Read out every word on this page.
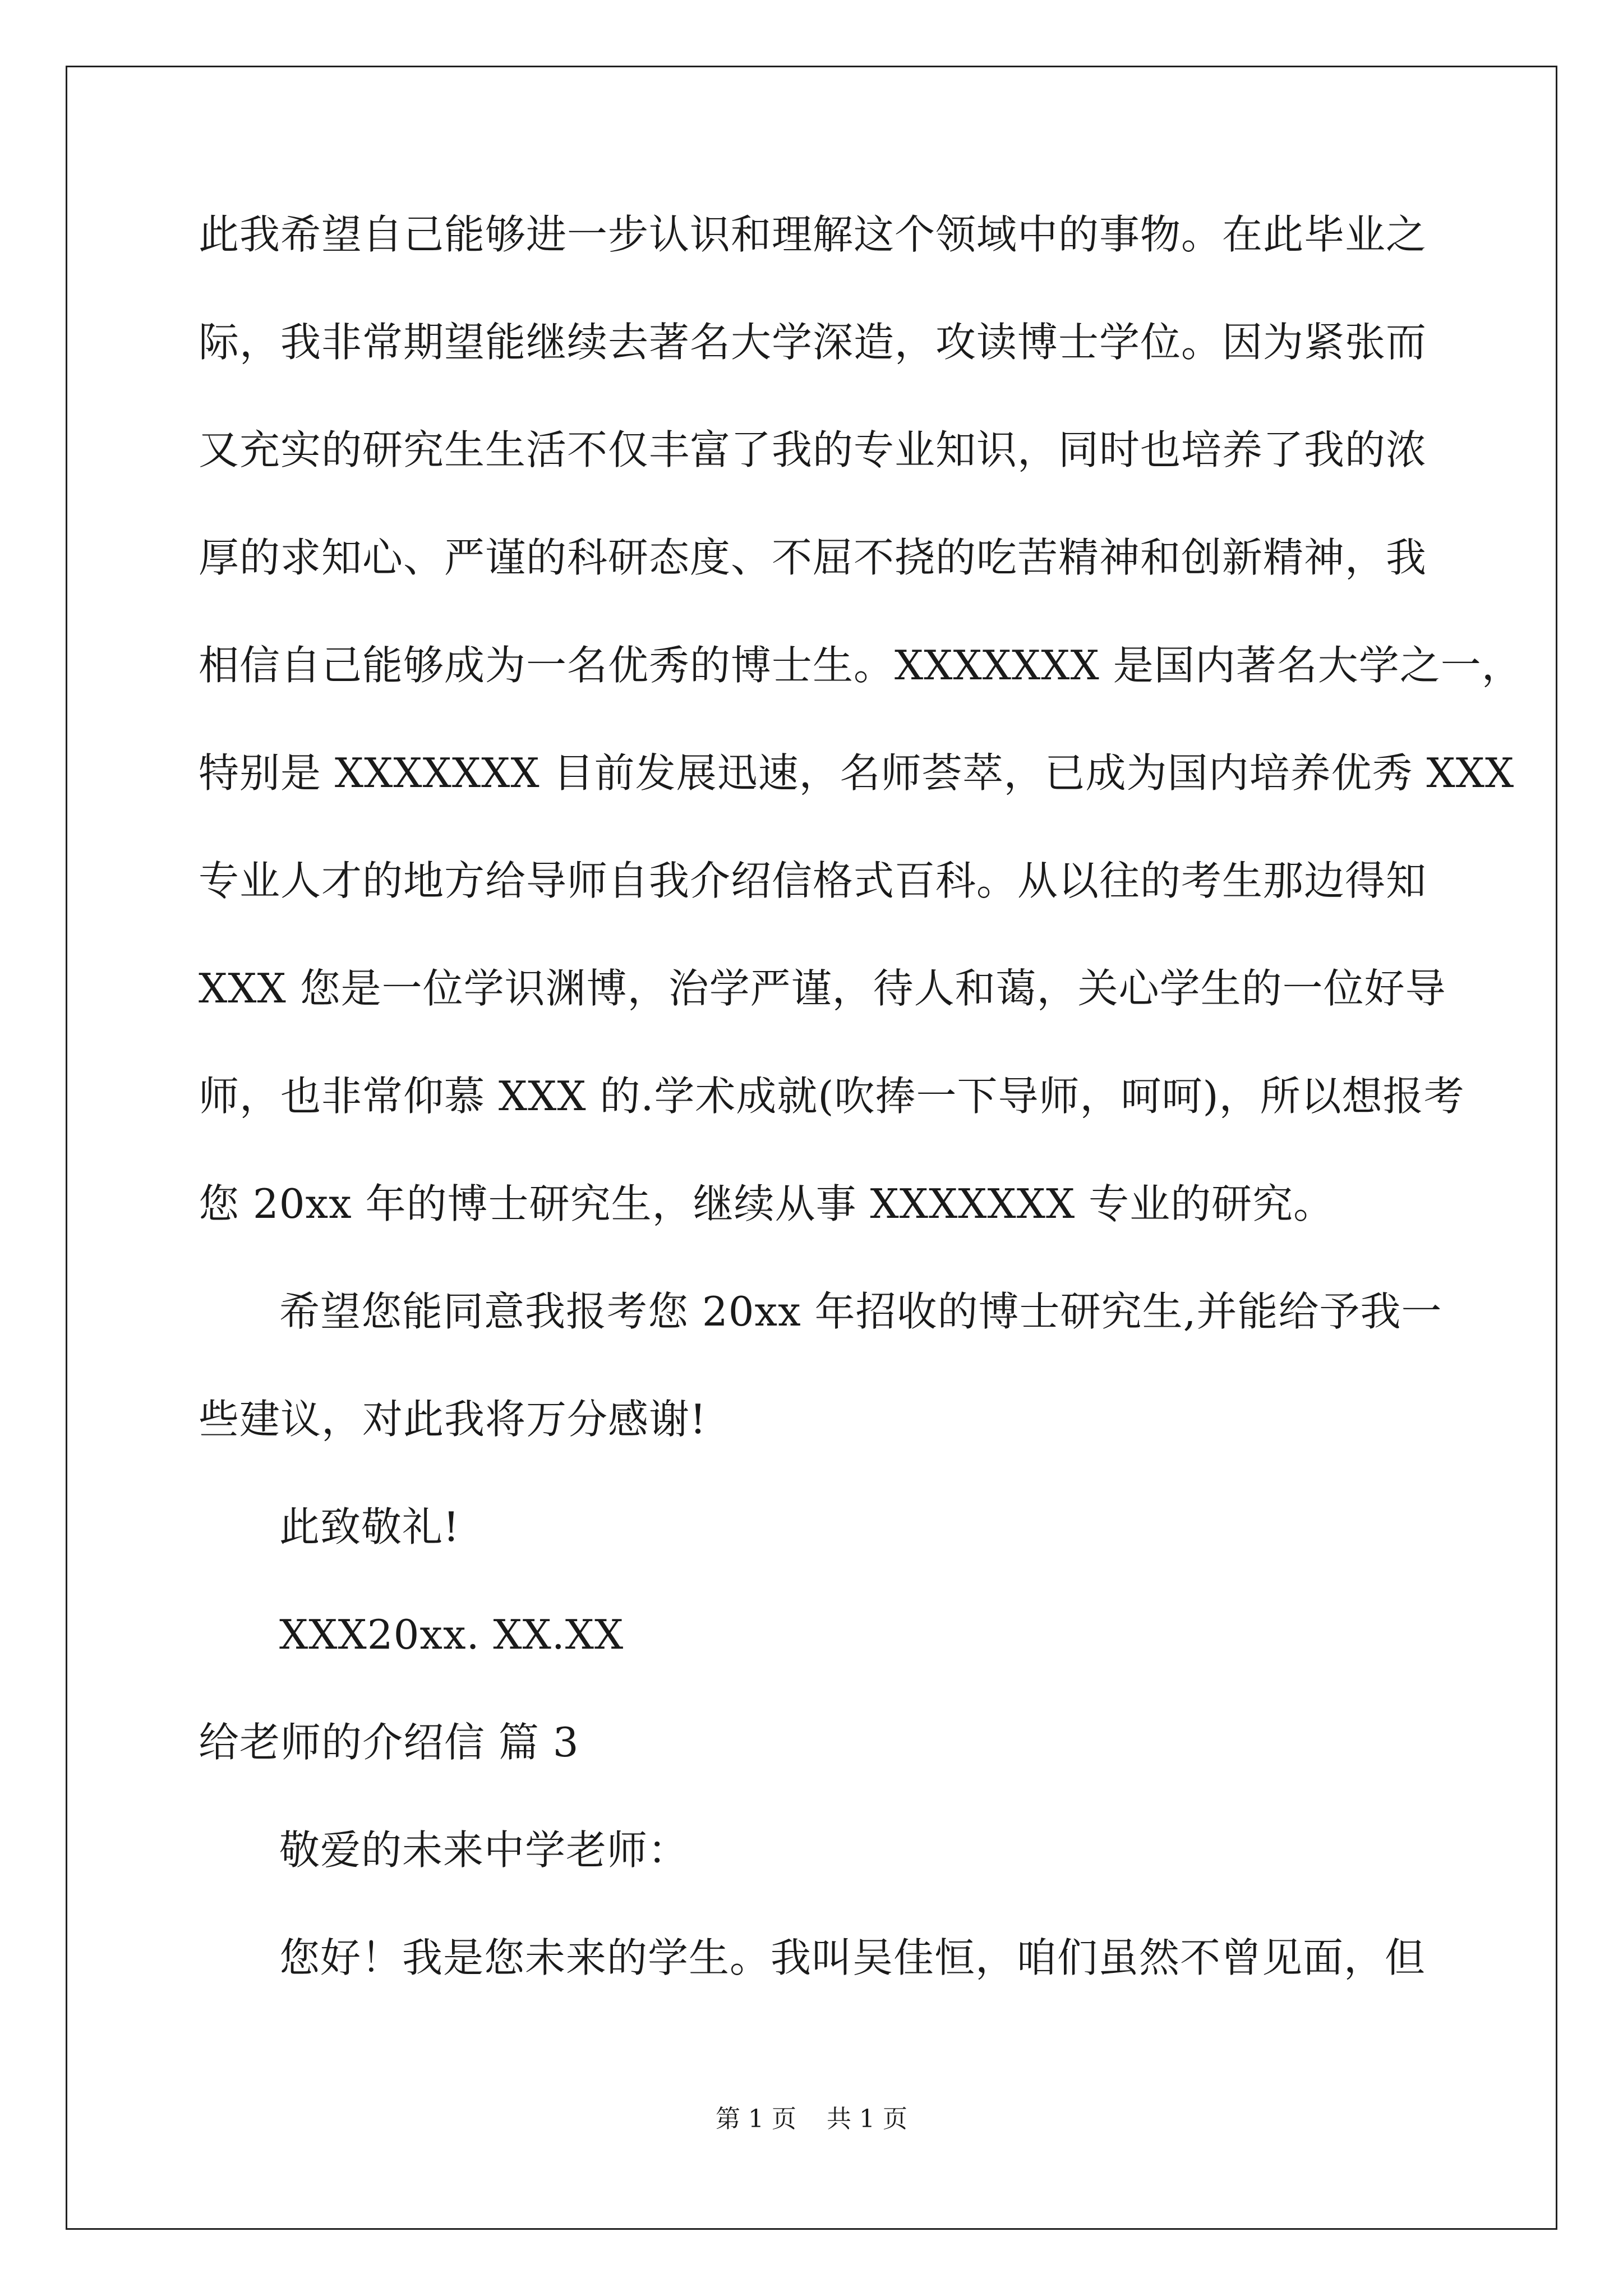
此我希望自己能够进一步认识和理解这个领域中的事物。在此毕业之
际，我非常期望能继续去著名大学深造，攻读博士学位。因为紧张而
又充实的研究生生活不仅丰富了我的专业知识，同时也培养了我的浓
厚的求知心、严谨的科研态度、不屈不挠的吃苦精神和创新精神，我
相信自己能够成为一名优秀的博士生。XXXXXXX 是国内著名大学之一，
特别是 XXXXXXX 目前发展迅速，名师荟萃，已成为国内培养优秀 XXX
专业人才的地方给导师自我介绍信格式百科。从以往的考生那边得知
XXX 您是一位学识渊博，治学严谨，待人和蔼，关心学生的一位好导
师，也非常仰慕 XXX 的.学术成就(吹捧一下导师，呵呵)，所以想报考
您 20xx 年的博士研究生，继续从事 XXXXXXX 专业的研究。
希望您能同意我报考您 20xx 年招收的博士研究生,并能给予我一
些建议，对此我将万分感谢!
此致敬礼!
XXX20xx. XX.XX
给老师的介绍信 篇 3
敬爱的未来中学老师：
您好！我是您未来的学生。我叫吴佳恒，咱们虽然不曾见面，但
第 1 页 共 1 页
